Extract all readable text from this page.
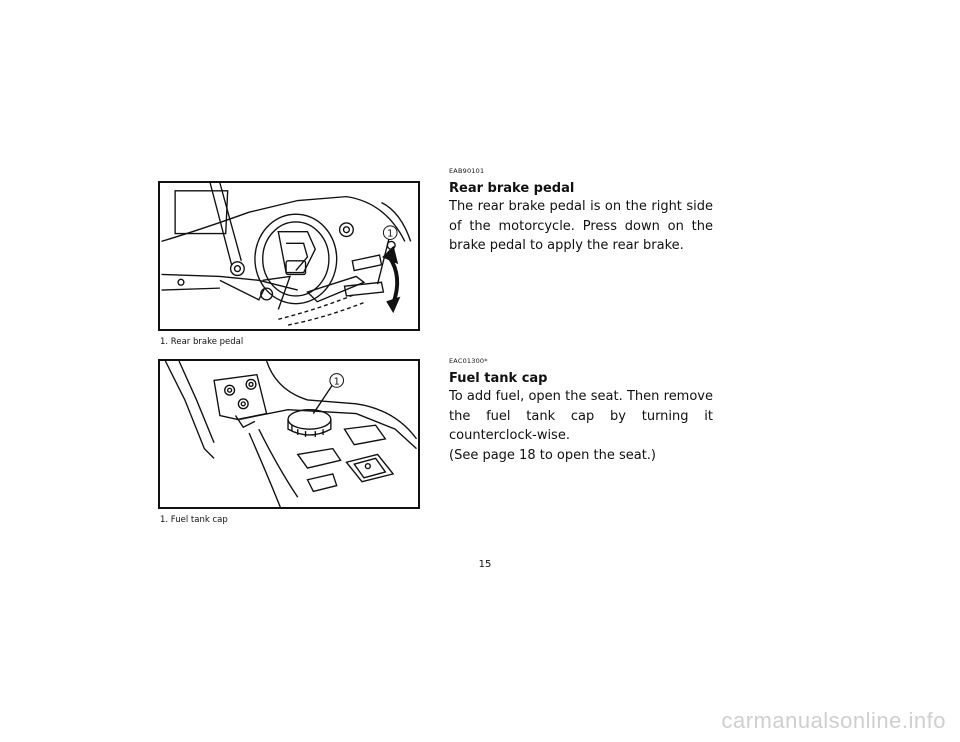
1
1. Rear brake pedal
1
1. Fuel tank cap
EAB90101
Rear brake pedal

The rear brake pedal is on the right side of the motorcycle. Press down on the brake pedal to apply the rear brake.

EAC01300*
Fuel tank cap

To add fuel, open the seat. Then remove the fuel tank cap by turning it counterclock-wise.

(See page 18 to open the seat.)

15
carmanualsonline.info
